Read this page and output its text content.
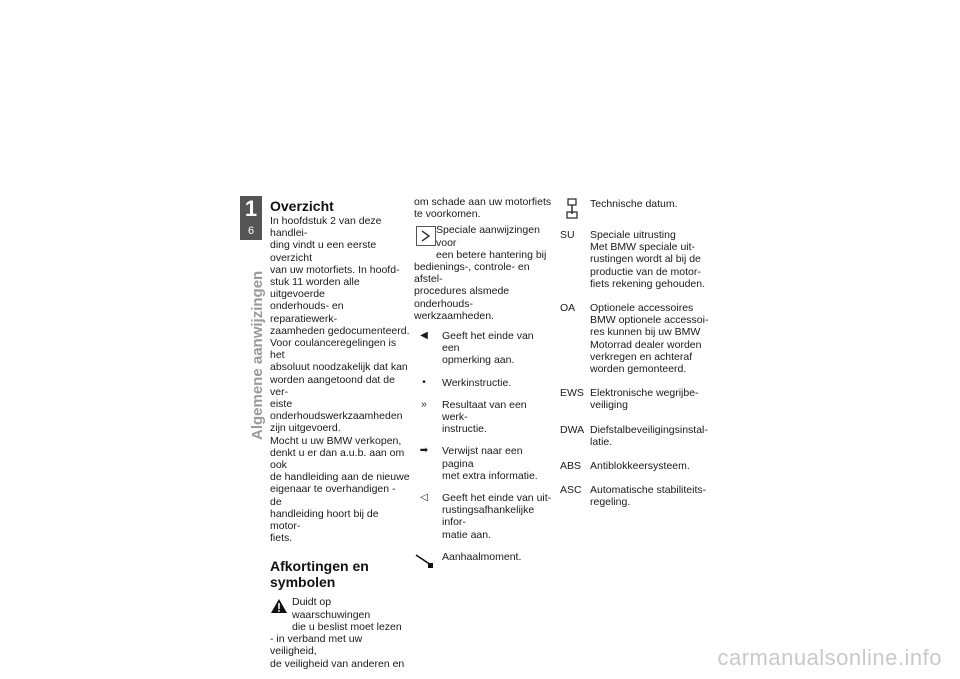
1
6
Algemene aanwijzingen
Overzicht
In hoofdstuk 2 van deze handlei-
ding vindt u een eerste overzicht
van uw motorfiets. In hoofd-
stuk 11 worden alle uitgevoerde
onderhouds- en reparatiewerk-
zaamheden gedocumenteerd.
Voor coulanceregelingen is het
absoluut noodzakelijk dat kan
worden aangetoond dat de ver-
eiste onderhoudswerkzaamheden
zijn uitgevoerd.
Mocht u uw BMW verkopen,
denkt u er dan a.u.b. aan om ook
de handleiding aan de nieuwe
eigenaar te overhandigen - de
handleiding hoort bij de motor-
fiets.
Afkortingen en
symbolen
Duidt op waarschuwingen
die u beslist moet lezen
- in verband met uw veiligheid,
de veiligheid van anderen en
om schade aan uw motorfiets
te voorkomen.
Speciale aanwijzingen voor
een betere hantering bij
bedienings-, controle- en afstel-
procedures alsmede onderhouds-
werkzaamheden.
◀	Geeft het einde van een
opmerking aan.
•	Werkinstructie.
»	Resultaat van een werk-
instructie.
➡	Verwijst naar een pagina
met extra informatie.
◁	Geeft het einde van uit-
rustingsafhankelijke infor-
matie aan.
Aanhaalmoment.
Technische datum.
SU	Speciale uitrusting
Met BMW speciale uit-
rustingen wordt al bij de
productie van de motor-
fiets rekening gehouden.
OA	Optionele accessoires
BMW optionele accessoi-
res kunnen bij uw BMW
Motorrad dealer worden
verkregen en achteraf
worden gemonteerd.
EWS Elektronische wegrijbe-
veiliging
DWA Diefstalbeveiligingsinstal-
latie.
ABS Antiblokkeersysteem.
ASC Automatische stabiliteits-
regeling.
carmanualsonline.info
